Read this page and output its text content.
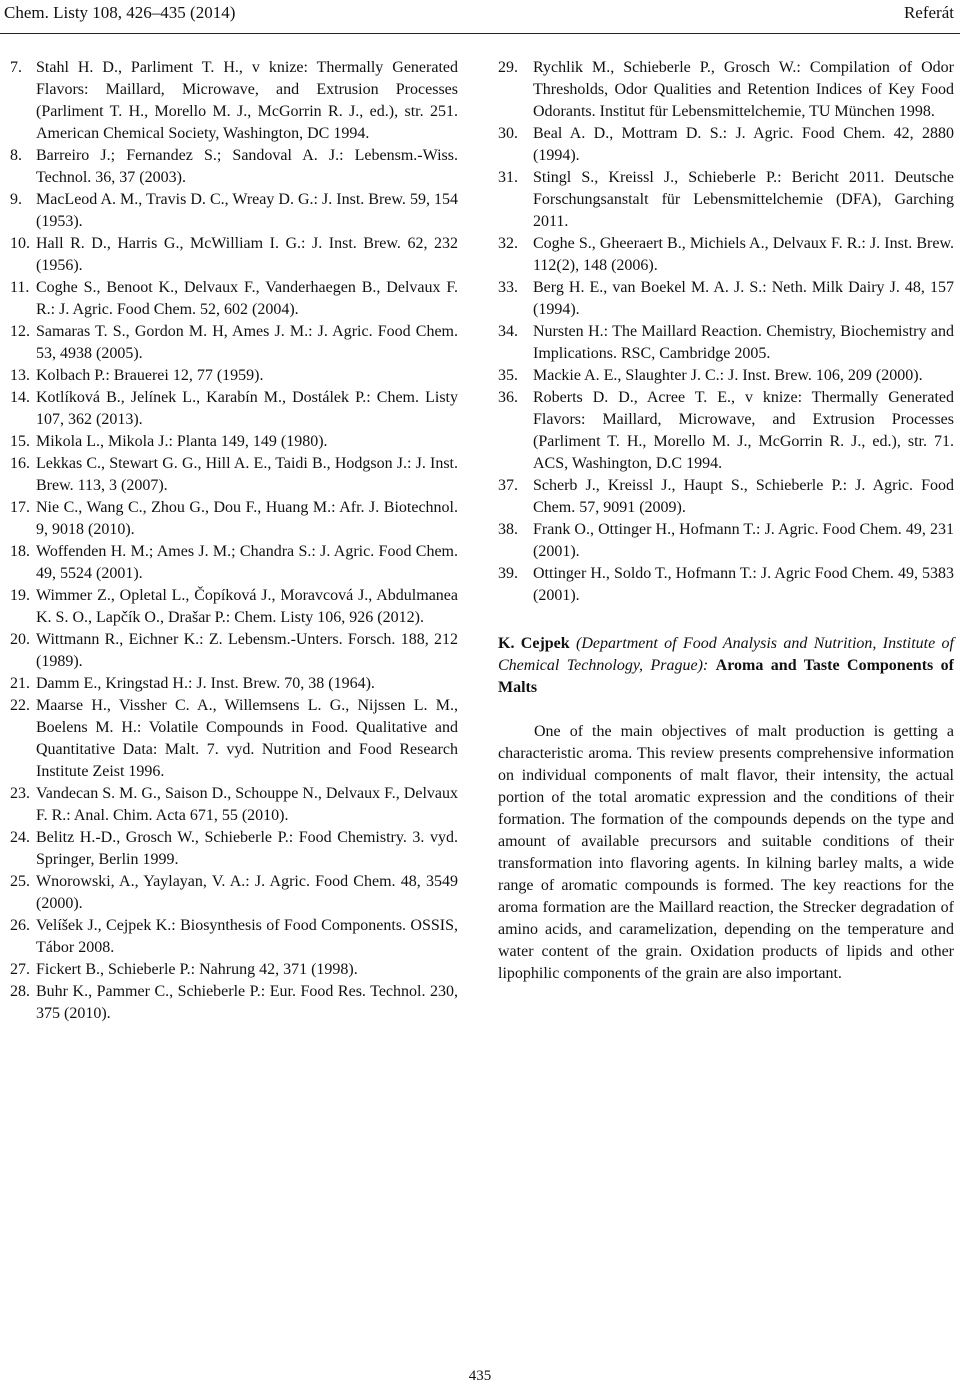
Chem. Listy 108, 426–435 (2014)	Referát
7. Stahl H. D., Parliment T. H., v knize: Thermally Generated Flavors: Maillard, Microwave, and Extrusion Processes (Parliment T. H., Morello M. J., McGorrin R. J., ed.), str. 251. American Chemical Society, Washington, DC 1994.
8. Barreiro J.; Fernandez S.; Sandoval A. J.: Lebensm.-Wiss. Technol. 36, 37 (2003).
9. MacLeod A. M., Travis D. C., Wreay D. G.: J. Inst. Brew. 59, 154 (1953).
10. Hall R. D., Harris G., McWilliam I. G.: J. Inst. Brew. 62, 232 (1956).
11. Coghe S., Benoot K., Delvaux F., Vanderhaegen B., Delvaux F. R.: J. Agric. Food Chem. 52, 602 (2004).
12. Samaras T. S., Gordon M. H, Ames J. M.: J. Agric. Food Chem. 53, 4938 (2005).
13. Kolbach P.: Brauerei 12, 77 (1959).
14. Kotlíková B., Jelínek L., Karabín M., Dostálek P.: Chem. Listy 107, 362 (2013).
15. Mikola L., Mikola J.: Planta 149, 149 (1980).
16. Lekkas C., Stewart G. G., Hill A. E., Taidi B., Hodgson J.: J. Inst. Brew. 113, 3 (2007).
17. Nie C., Wang C., Zhou G., Dou F., Huang M.: Afr. J. Biotechnol. 9, 9018 (2010).
18. Woffenden H. M.; Ames J. M.; Chandra S.: J. Agric. Food Chem. 49, 5524 (2001).
19. Wimmer Z., Opletal L., Čopíková J., Moravcová J., Abdulmanea K. S. O., Lapčík O., Drašar P.: Chem. Listy 106, 926 (2012).
20. Wittmann R., Eichner K.: Z. Lebensm.-Unters. Forsch. 188, 212 (1989).
21. Damm E., Kringstad H.: J. Inst. Brew. 70, 38 (1964).
22. Maarse H., Vissher C. A., Willemsens L. G., Nijssen L. M., Boelens M. H.: Volatile Compounds in Food. Qualitative and Quantitative Data: Malt. 7. vyd. Nutrition and Food Research Institute Zeist 1996.
23. Vandecan S. M. G., Saison D., Schouppe N., Delvaux F., Delvaux F. R.: Anal. Chim. Acta 671, 55 (2010).
24. Belitz H.-D., Grosch W., Schieberle P.: Food Chemistry. 3. vyd. Springer, Berlin 1999.
25. Wnorowski, A., Yaylayan, V. A.: J. Agric. Food Chem. 48, 3549 (2000).
26. Velíšek J., Cejpek K.: Biosynthesis of Food Components. OSSIS, Tábor 2008.
27. Fickert B., Schieberle P.: Nahrung 42, 371 (1998).
28. Buhr K., Pammer C., Schieberle P.: Eur. Food Res. Technol. 230, 375 (2010).
29. Rychlik M., Schieberle P., Grosch W.: Compilation of Odor Thresholds, Odor Qualities and Retention Indices of Key Food Odorants. Institut für Lebensmittelchemie, TU München 1998.
30. Beal A. D., Mottram D. S.: J. Agric. Food Chem. 42, 2880 (1994).
31. Stingl S., Kreissl J., Schieberle P.: Bericht 2011. Deutsche Forschungsanstalt für Lebensmittelchemie (DFA), Garching 2011.
32. Coghe S., Gheeraert B., Michiels A., Delvaux F. R.: J. Inst. Brew. 112(2), 148 (2006).
33. Berg H. E., van Boekel M. A. J. S.: Neth. Milk Dairy J. 48, 157 (1994).
34. Nursten H.: The Maillard Reaction. Chemistry, Biochemistry and Implications. RSC, Cambridge 2005.
35. Mackie A. E., Slaughter J. C.: J. Inst. Brew. 106, 209 (2000).
36. Roberts D. D., Acree T. E., v knize: Thermally Generated Flavors: Maillard, Microwave, and Extrusion Processes (Parliment T. H., Morello M. J., McGorrin R. J., ed.), str. 71. ACS, Washington, D.C 1994.
37. Scherb J., Kreissl J., Haupt S., Schieberle P.: J. Agric. Food Chem. 57, 9091 (2009).
38. Frank O., Ottinger H., Hofmann T.: J. Agric. Food Chem. 49, 231 (2001).
39. Ottinger H., Soldo T., Hofmann T.: J. Agric Food Chem. 49, 5383 (2001).
K. Cejpek (Department of Food Analysis and Nutrition, Institute of Chemical Technology, Prague): Aroma and Taste Components of Malts
One of the main objectives of malt production is getting a characteristic aroma. This review presents comprehensive information on individual components of malt flavor, their intensity, the actual portion of the total aromatic expression and the conditions of their formation. The formation of the compounds depends on the type and amount of available precursors and suitable conditions of their transformation into flavoring agents. In kilning barley malts, a wide range of aromatic compounds is formed. The key reactions for the aroma formation are the Maillard reaction, the Strecker degradation of amino acids, and caramelization, depending on the temperature and water content of the grain. Oxidation products of lipids and other lipophilic components of the grain are also important.
435
